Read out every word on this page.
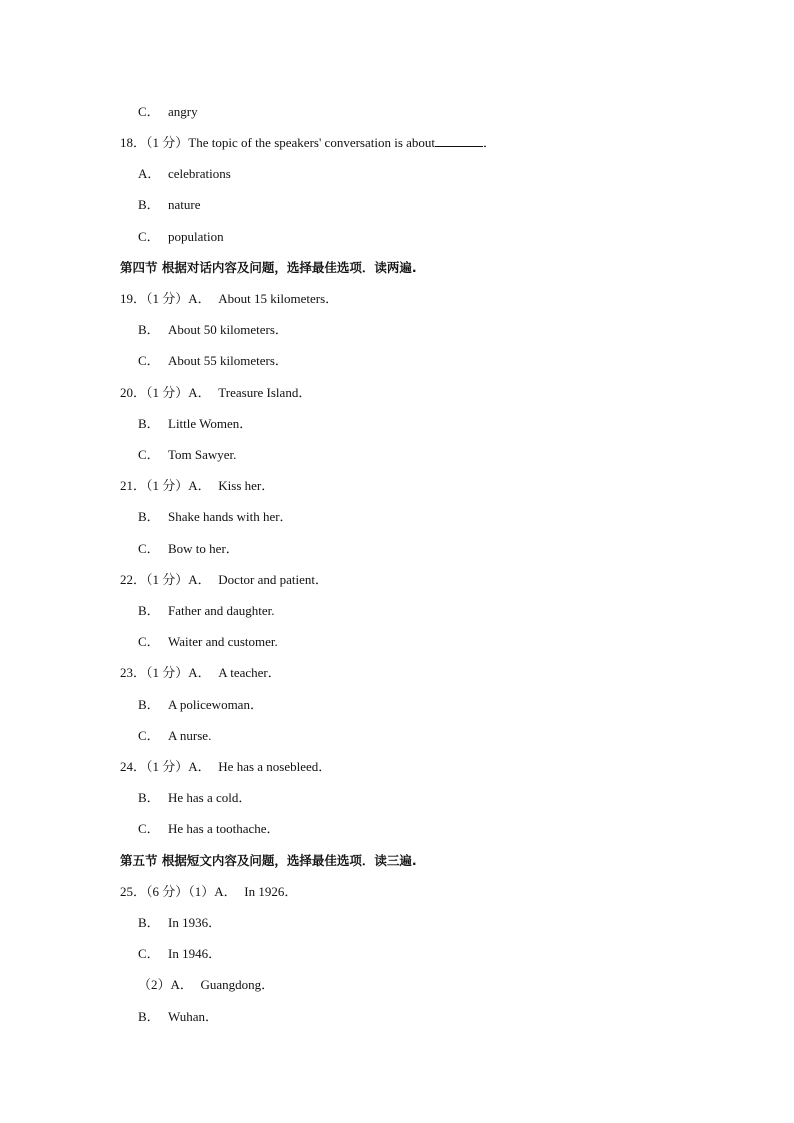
C． angry
18．（1 分）The topic of the speakers' conversation is about	．
A． celebrations
B． nature
C． population
第四节 根据对话内容及问题，选择最佳选项．读两遍.
19．（1 分）A． About 15 kilometers．
B． About 50 kilometers．
C． About 55 kilometers．
20．（1 分）A． Treasure Island．
B． Little Women．
C． Tom Sawyer.
21．（1 分）A． Kiss her．
B． Shake hands with her．
C． Bow to her．
22．（1 分）A． Doctor and patient．
B． Father and daughter.
C． Waiter and customer.
23．（1 分）A． A teacher．
B． A policewoman．
C． A nurse.
24．（1 分）A． He has a nosebleed．
B． He has a cold．
C． He has a toothache．
第五节 根据短文内容及问题，选择最佳选项．读三遍.
25．（6 分）（1）A． In 1926．
B． In 1936．
C． In 1946．
（2）A． Guangdong．
B． Wuhan．
